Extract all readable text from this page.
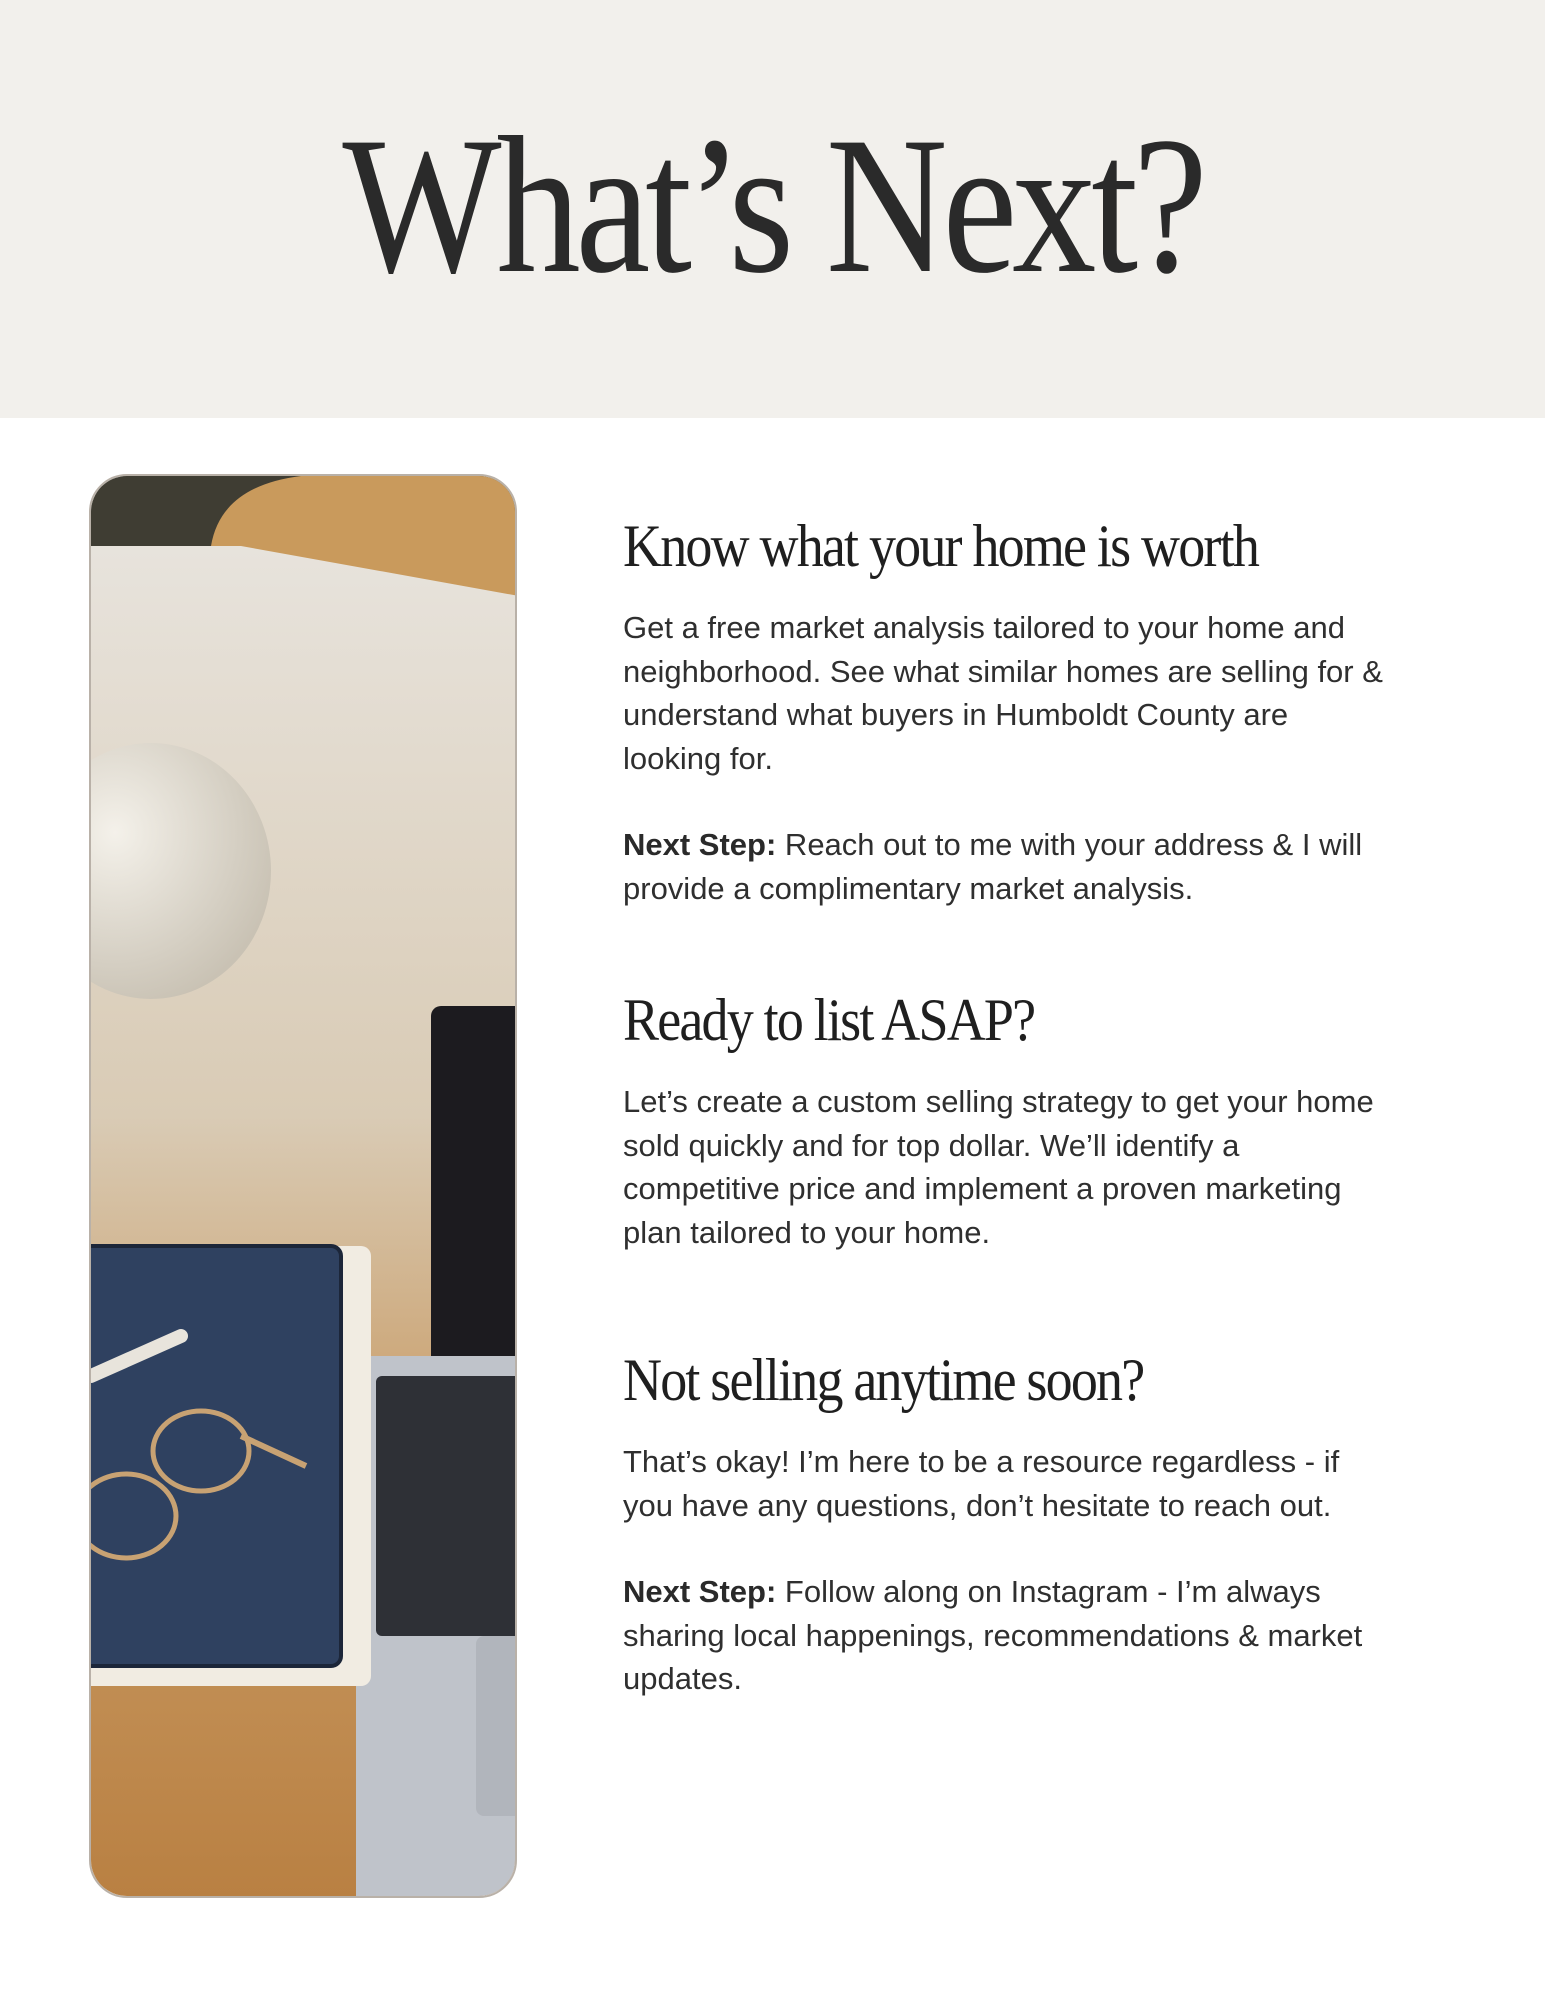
What’s Next?
Know what your home is worth

Get a free market analysis tailored to your home and neighborhood. See what similar homes are selling for & understand what buyers in Humboldt County are looking for.

Next Step: Reach out to me with your address & I will provide a complimentary market analysis.

Ready to list ASAP?

Let’s create a custom selling strategy to get your home sold quickly and for top dollar. We’ll identify a competitive price and implement a proven marketing plan tailored to your home.

Not selling anytime soon?

That’s okay! I’m here to be a resource regardless - if you have any questions, don’t hesitate to reach out.

Next Step: Follow along on Instagram - I’m always sharing local happenings, recommendations & market updates.
